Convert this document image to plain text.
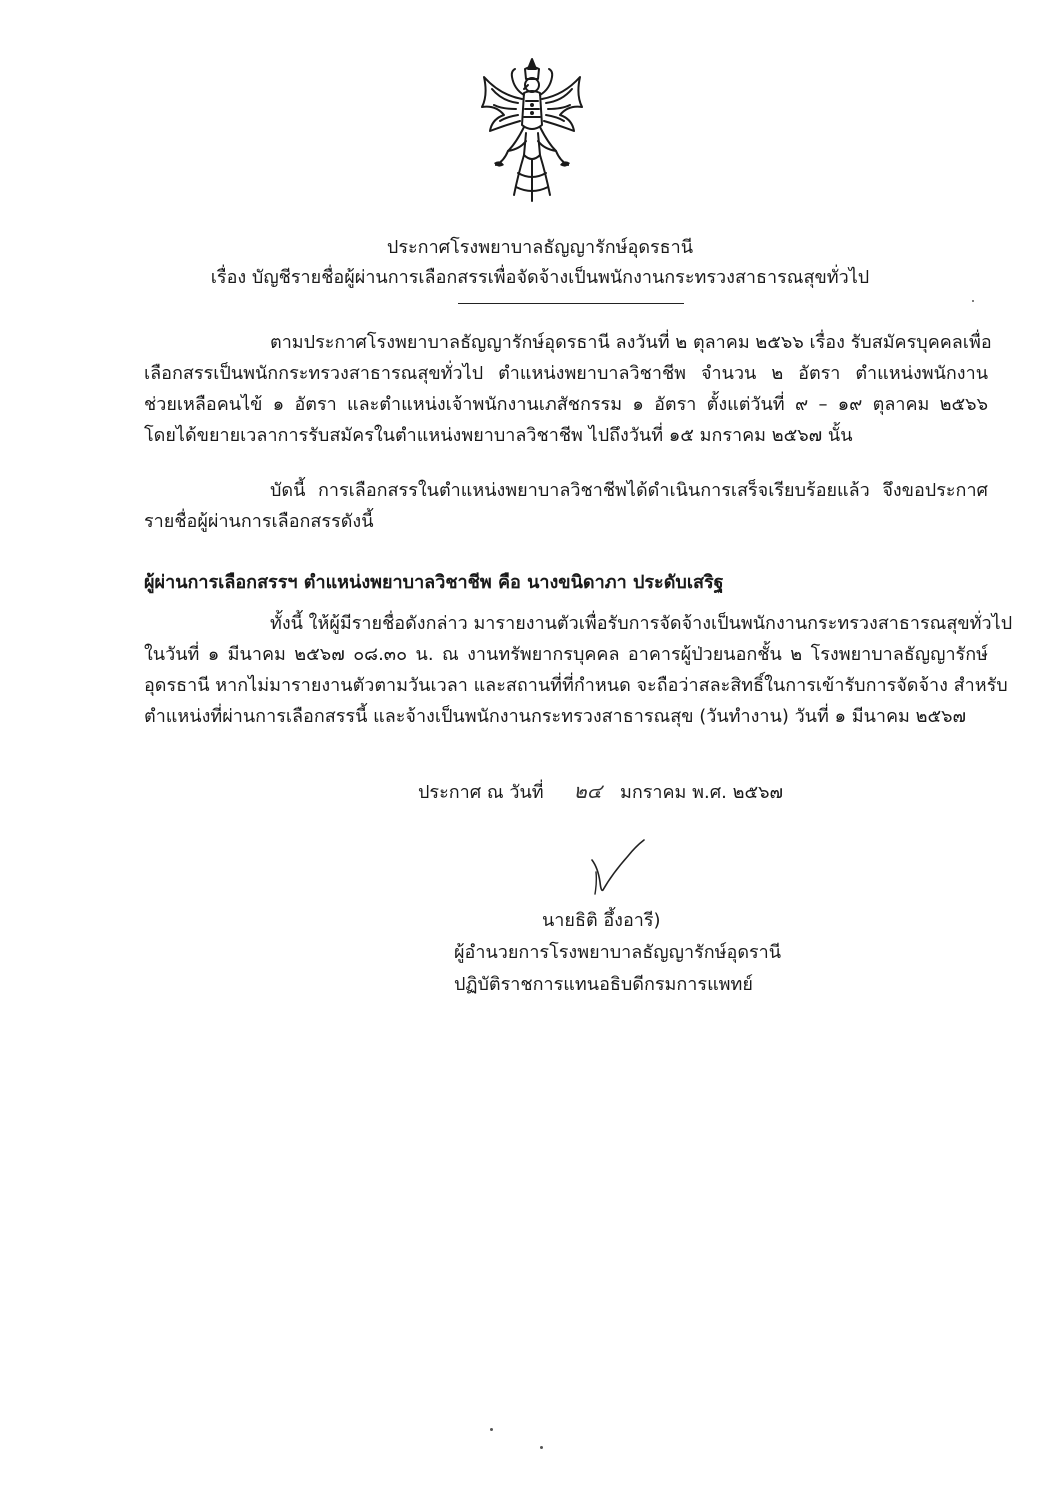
ประกาศโรงพยาบาลธัญญารักษ์อุดรธานี
เรื่อง บัญชีรายชื่อผู้ผ่านการเลือกสรรเพื่อจัดจ้างเป็นพนักงานกระทรวงสาธารณสุขทั่วไป
ตามประกาศโรงพยาบาลธัญญารักษ์อุดรธานี ลงวันที่ ๒ ตุลาคม ๒๕๖๖ เรื่อง รับสมัครบุคคลเพื่อ
เลือกสรรเป็นพนักกระทรวงสาธารณสุขทั่วไป ตำแหน่งพยาบาลวิชาชีพ จำนวน ๒ อัตรา ตำแหน่งพนักงาน
ช่วยเหลือคนไข้ ๑ อัตรา และตำแหน่งเจ้าพนักงานเภสัชกรรม ๑ อัตรา ตั้งแต่วันที่ ๙ – ๑๙ ตุลาคม ๒๕๖๖
โดยได้ขยายเวลาการรับสมัครในตำแหน่งพยาบาลวิชาชีพ ไปถึงวันที่ ๑๕ มกราคม ๒๕๖๗ นั้น
บัดนี้ การเลือกสรรในตำแหน่งพยาบาลวิชาชีพได้ดำเนินการเสร็จเรียบร้อยแล้ว จึงขอประกาศ
รายชื่อผู้ผ่านการเลือกสรรดังนี้
ผู้ผ่านการเลือกสรรฯ ตำแหน่งพยาบาลวิชาชีพ คือ นางขนิดาภา ประดับเสริฐ
ทั้งนี้ ให้ผู้มีรายชื่อดังกล่าว มารายงานตัวเพื่อรับการจัดจ้างเป็นพนักงานกระทรวงสาธารณสุขทั่วไป
ในวันที่ ๑ มีนาคม ๒๕๖๗ ๐๘.๓๐ น. ณ งานทรัพยากรบุคคล อาคารผู้ป่วยนอกชั้น ๒ โรงพยาบาลธัญญารักษ์
อุดรธานี หากไม่มารายงานตัวตามวันเวลา และสถานที่ที่กำหนด จะถือว่าสละสิทธิ์ในการเข้ารับการจัดจ้าง สำหรับ
ตำแหน่งที่ผ่านการเลือกสรรนี้ และจ้างเป็นพนักงานกระทรวงสาธารณสุข (วันทำงาน) วันที่ ๑ มีนาคม ๒๕๖๗
ประกาศ ณ วันที่ ๒๔ มกราคม พ.ศ. ๒๕๖๗
นายธิติ อึ้งอารี)
ผู้อำนวยการโรงพยาบาลธัญญารักษ์อุดรานี
ปฏิบัติราชการแทนอธิบดีกรมการแพทย์
